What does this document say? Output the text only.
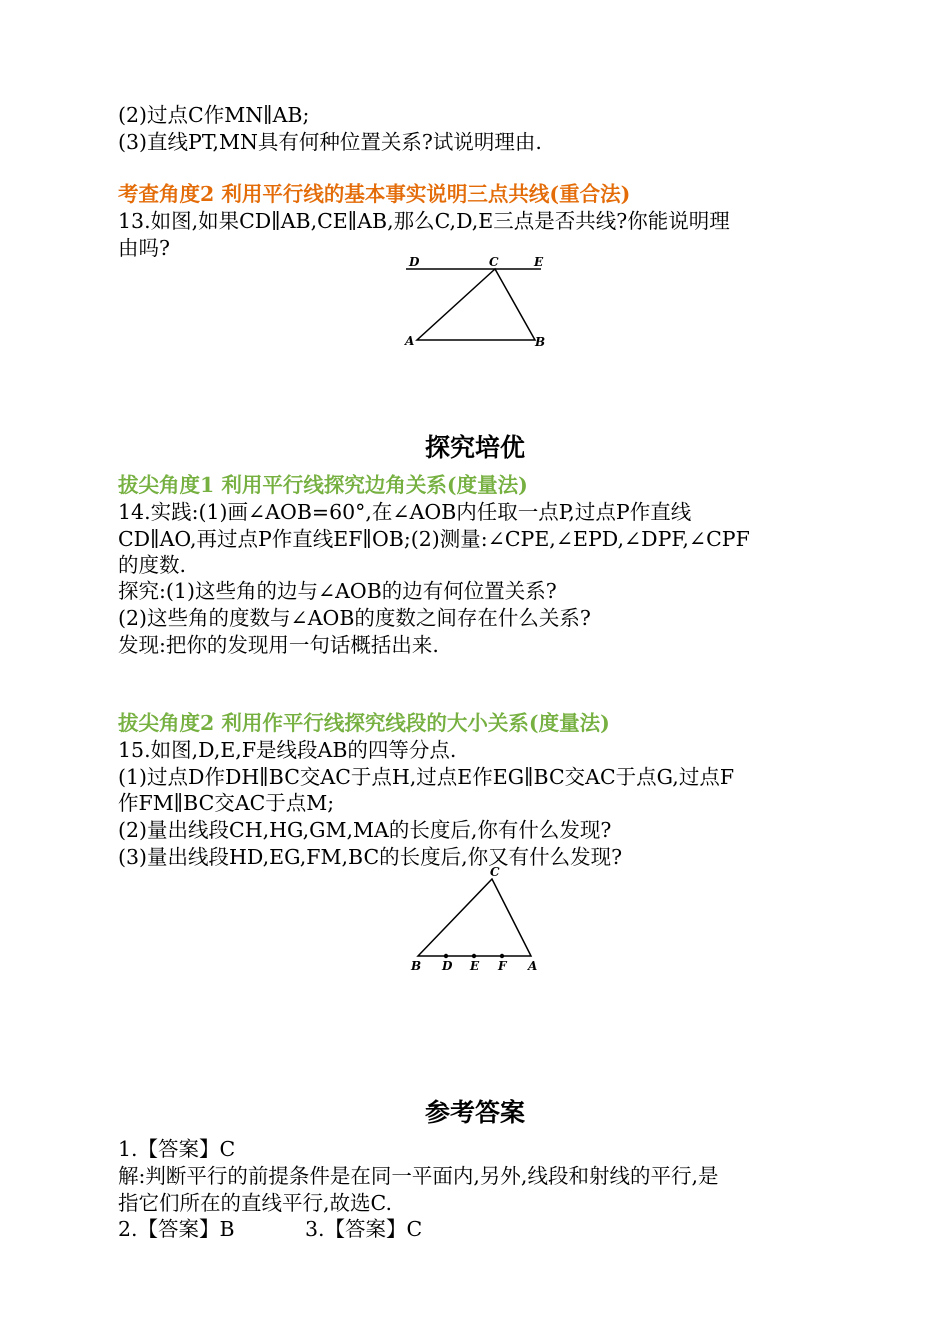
(2)过点C作MN∥AB;
(3)直线PT,MN具有何种位置关系?试说明理由.
考查角度2 利用平行线的基本事实说明三点共线(重合法)
13.如图,如果CD∥AB,CE∥AB,那么C,D,E三点是否共线?你能说明理
由吗?
D	C	E
A	B
探究培优
拔尖角度1 利用平行线探究边角关系(度量法)
14.实践:(1)画∠AOB=60°,在∠AOB内任取一点P,过点P作直线
CD∥AO,再过点P作直线EF∥OB;(2)测量:∠CPE,∠EPD,∠DPF,∠CPF
的度数.
探究:(1)这些角的边与∠AOB的边有何位置关系?
(2)这些角的度数与∠AOB的度数之间存在什么关系?
发现:把你的发现用一句话概括出来.
拔尖角度2 利用作平行线探究线段的大小关系(度量法)
15.如图,D,E,F是线段AB的四等分点.
(1)过点D作DH∥BC交AC于点H,过点E作EG∥BC交AC于点G,过点F
作FM∥BC交AC于点M;
(2)量出线段CH,HG,GM,MA的长度后,你有什么发现?
(3)量出线段HD,EG,FM,BC的长度后,你又有什么发现?
C
B D E F A
参考答案
1.【答案】C
解:判断平行的前提条件是在同一平面内,另外,线段和射线的平行,是
指它们所在的直线平行,故选C.
2.【答案】B	3.【答案】C
